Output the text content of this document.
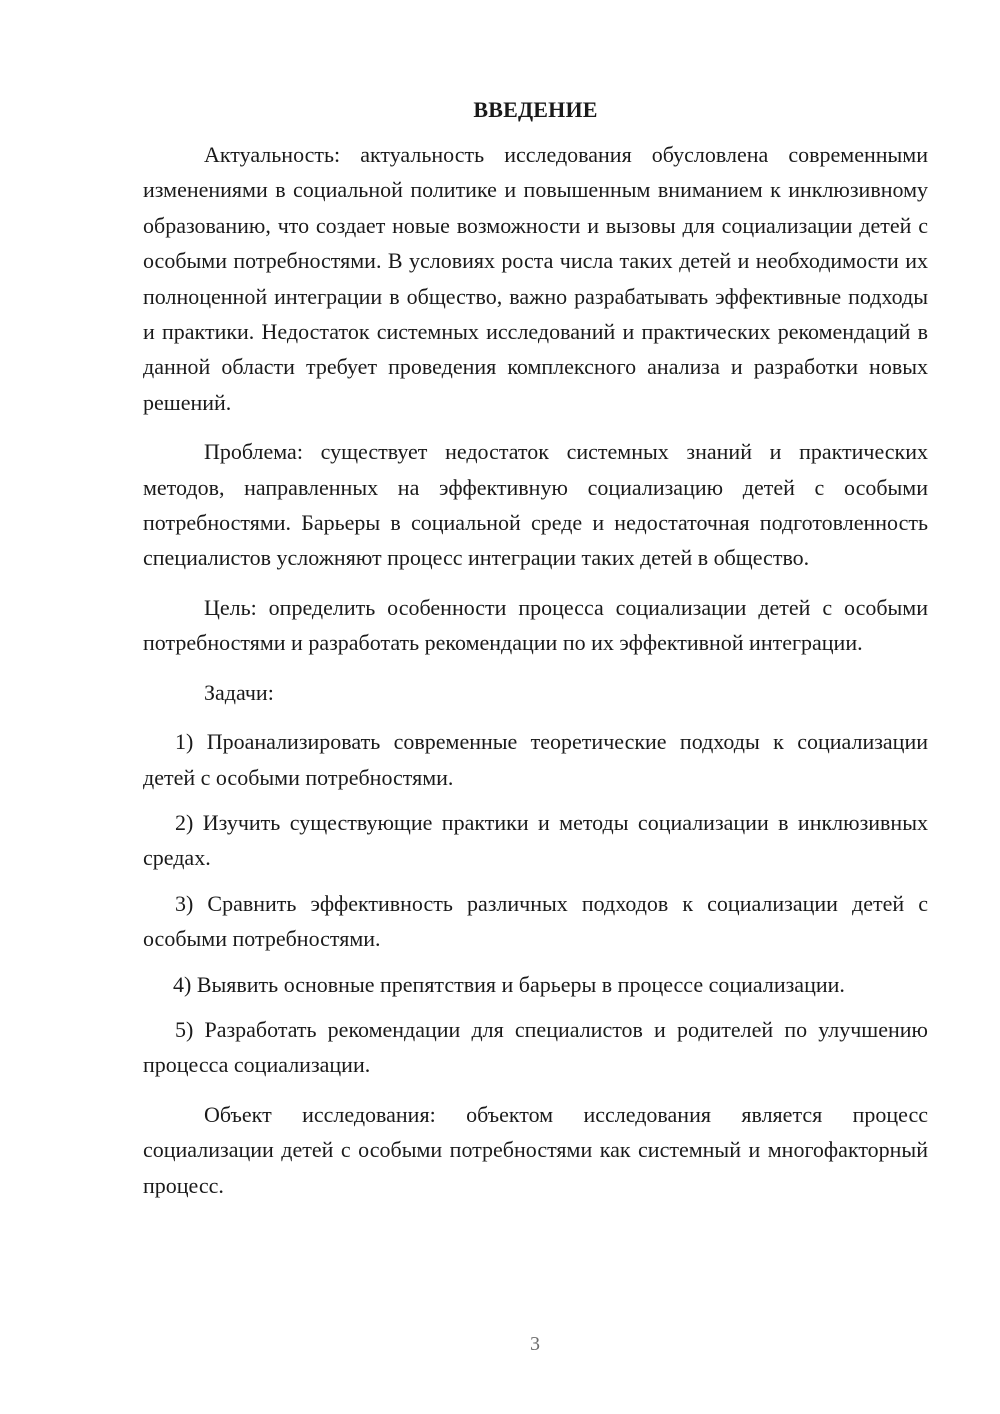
ВВЕДЕНИЕ

Актуальность: актуальность исследования обусловлена современными изменениями в социальной политике и повышенным вниманием к инклюзивному образованию, что создает новые возможности и вызовы для социализации детей с особыми потребностями. В условиях роста числа таких детей и необходимости их полноценной интеграции в общество, важно разрабатывать эффективные подходы и практики. Недостаток системных исследований и практических рекомендаций в данной области требует проведения комплексного анализа и разработки новых решений.

Проблема: существует недостаток системных знаний и практических методов, направленных на эффективную социализацию детей с особыми потребностями. Барьеры в социальной среде и недостаточная подготовленность специалистов усложняют процесс интеграции таких детей в общество.

Цель: определить особенности процесса социализации детей с особыми потребностями и разработать рекомендации по их эффективной интеграции.

Задачи:

1) Проанализировать современные теоретические подходы к социализации детей с особыми потребностями.

2) Изучить существующие практики и методы социализации в инклюзивных средах.

3) Сравнить эффективность различных подходов к социализации детей с особыми потребностями.

4) Выявить основные препятствия и барьеры в процессе социализации.

5) Разработать рекомендации для специалистов и родителей по улучшению процесса социализации.

Объект исследования: объектом исследования является процесс социализации детей с особыми потребностями как системный и многофакторный процесс.

3
